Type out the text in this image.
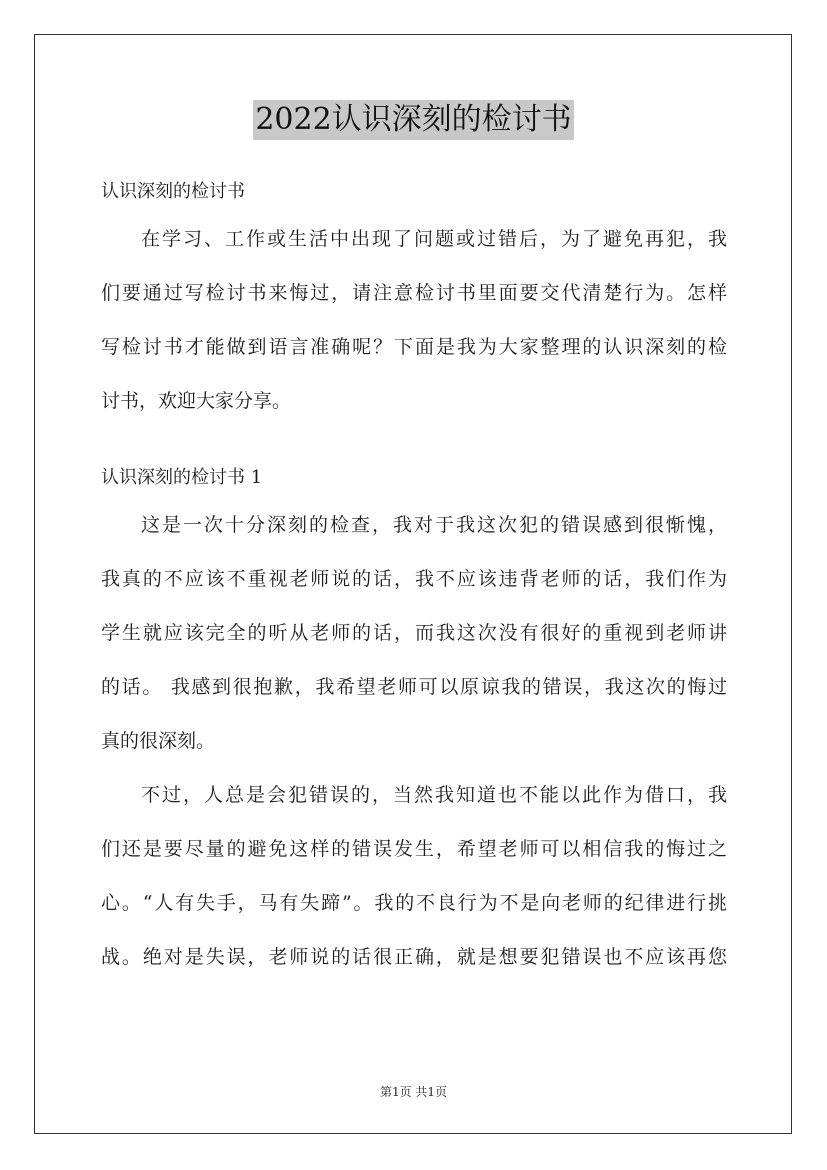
2022认识深刻的检讨书
认识深刻的检讨书
在学习、工作或生活中出现了问题或过错后，为了避免再犯，我
们要通过写检讨书来悔过，请注意检讨书里面要交代清楚行为。怎样
写检讨书才能做到语言准确呢？下面是我为大家整理的认识深刻的检
讨书，欢迎大家分享。
认识深刻的检讨书 1
这是一次十分深刻的检查，我对于我这次犯的错误感到很惭愧，
我真的不应该不重视老师说的话，我不应该违背老师的话，我们作为
学生就应该完全的听从老师的话，而我这次没有很好的重视到老师讲
的话。 我感到很抱歉，我希望老师可以原谅我的错误，我这次的悔过
真的很深刻。
不过，人总是会犯错误的，当然我知道也不能以此作为借口，我
们还是要尽量的避免这样的错误发生，希望老师可以相信我的悔过之
心。“人有失手，马有失蹄”。我的不良行为不是向老师的纪律进行挑
战。绝对是失误，老师说的话很正确，就是想要犯错误也不应该再您
第1页 共1页
